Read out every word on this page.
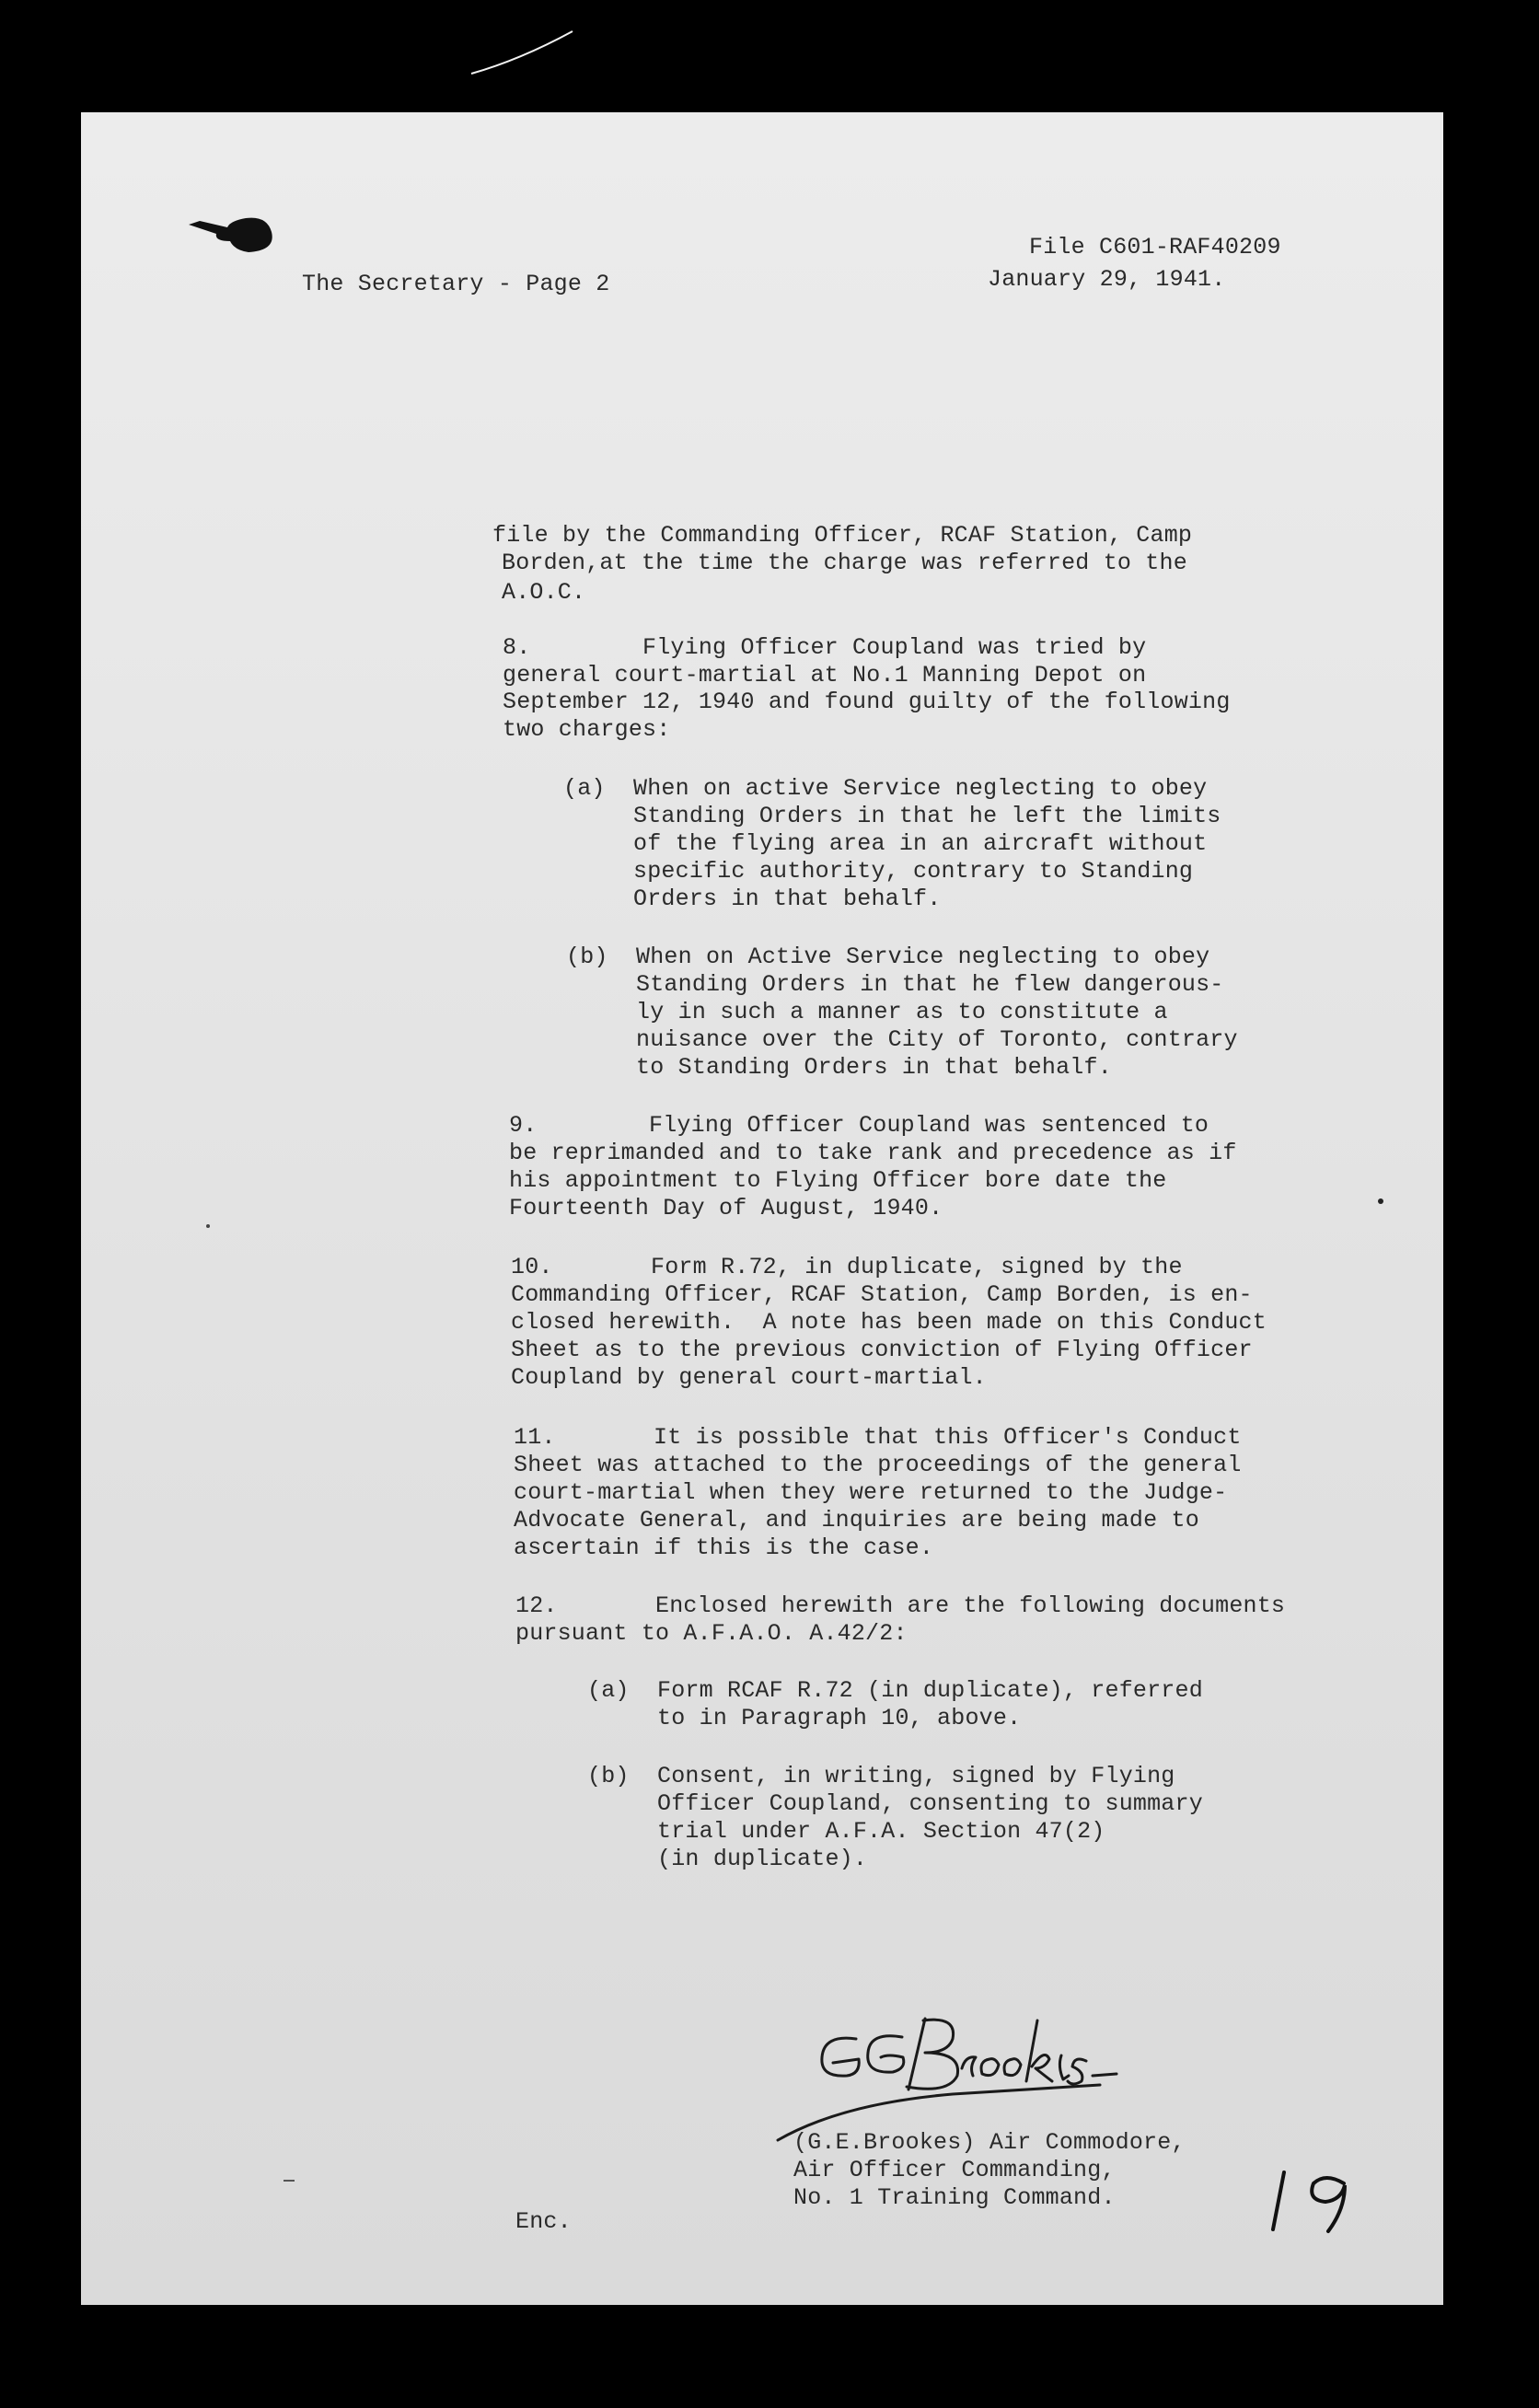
The Secretary - Page 2
File C601-RAF40209
January 29, 1941.
file by the Commanding Officer, RCAF Station, Camp
Borden,at the time the charge was referred to the
A.O.C.
8.        Flying Officer Coupland was tried by
general court-martial at No.1 Manning Depot on
September 12, 1940 and found guilty of the following
two charges:
(a)  When on active Service neglecting to obey
Standing Orders in that he left the limits
of the flying area in an aircraft without
specific authority, contrary to Standing
Orders in that behalf.
(b)  When on Active Service neglecting to obey
Standing Orders in that he flew dangerous-
ly in such a manner as to constitute a
nuisance over the City of Toronto, contrary
to Standing Orders in that behalf.
9.        Flying Officer Coupland was sentenced to
be reprimanded and to take rank and precedence as if
his appointment to Flying Officer bore date the
Fourteenth Day of August, 1940.
10.       Form R.72, in duplicate, signed by the
Commanding Officer, RCAF Station, Camp Borden, is en-
closed herewith.  A note has been made on this Conduct
Sheet as to the previous conviction of Flying Officer
Coupland by general court-martial.
11.       It is possible that this Officer's Conduct
Sheet was attached to the proceedings of the general
court-martial when they were returned to the Judge-
Advocate General, and inquiries are being made to
ascertain if this is the case.
12.       Enclosed herewith are the following documents
pursuant to A.F.A.O. A.42/2:
(a)  Form RCAF R.72 (in duplicate), referred
to in Paragraph 10, above.
(b)  Consent, in writing, signed by Flying
Officer Coupland, consenting to summary
trial under A.F.A. Section 47(2)
(in duplicate).
(G.E.Brookes) Air Commodore,
Air Officer Commanding,
No. 1 Training Command.
Enc.
